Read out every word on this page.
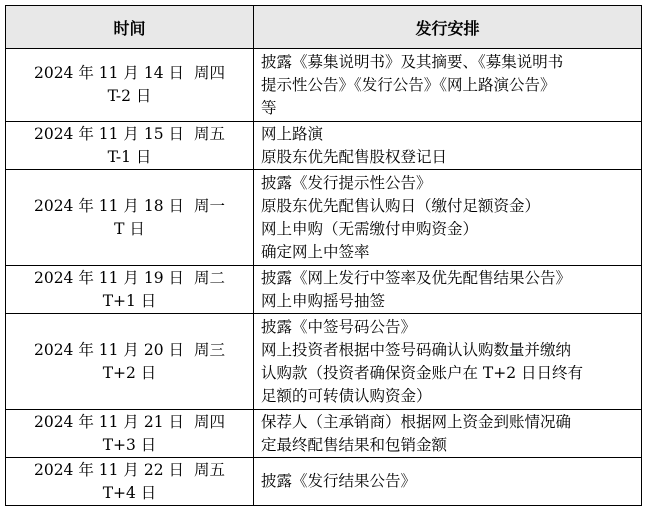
时间	发行安排

2024 年 11 月 14 日 周四
T-2 日	披露《募集说明书》及其摘要、《募集说明书
提示性公告》《发行公告》《网上路演公告》
等

2024 年 11 月 15 日 周五
T-1 日	网上路演
原股东优先配售股权登记日

2024 年 11 月 18 日 周一
T 日	披露《发行提示性公告》
原股东优先配售认购日（缴付足额资金）
网上申购（无需缴付申购资金）
确定网上中签率

2024 年 11 月 19 日 周二
T+1 日	披露《网上发行中签率及优先配售结果公告》
网上申购摇号抽签

2024 年 11 月 20 日 周三
T+2 日	披露《中签号码公告》
网上投资者根据中签号码确认认购数量并缴纳
认购款（投资者确保资金账户在 T+2 日日终有
足额的可转债认购资金）

2024 年 11 月 21 日 周四
T+3 日	保荐人（主承销商）根据网上资金到账情况确
定最终配售结果和包销金额

2024 年 11 月 22 日 周五
T+4 日	披露《发行结果公告》
